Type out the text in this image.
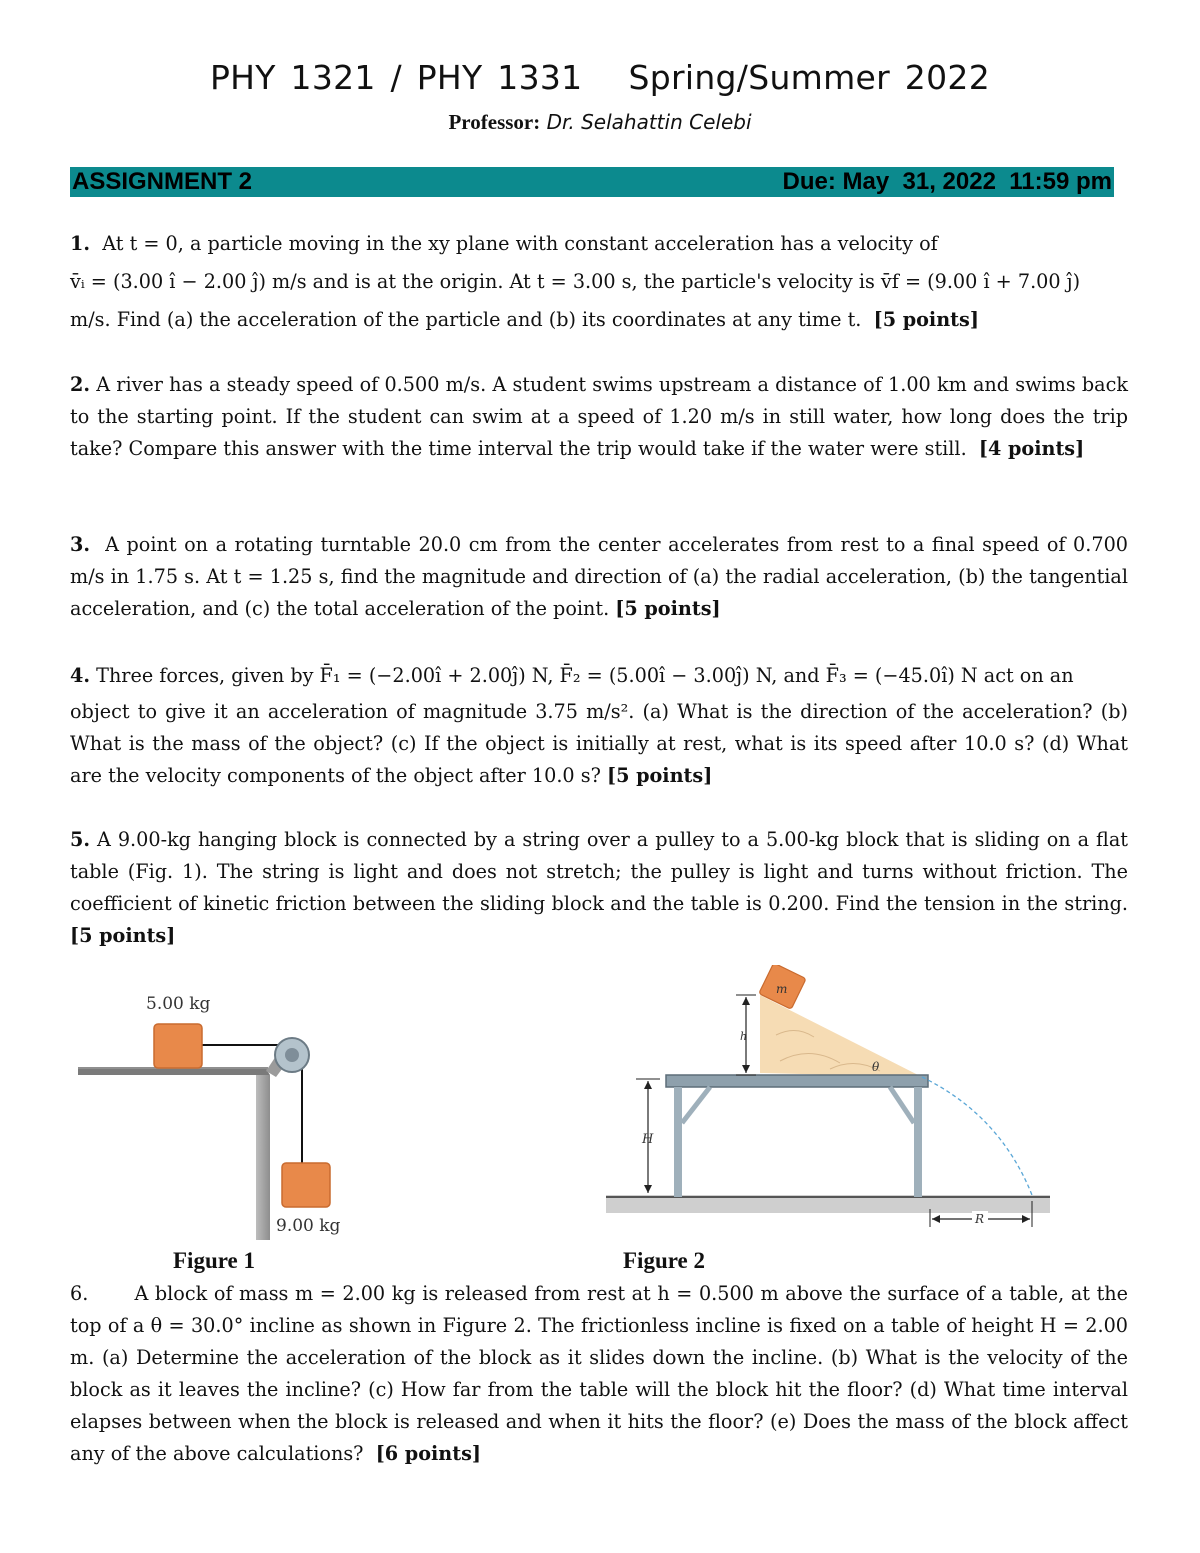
PHY 1321 / PHY 1331 Spring/Summer 2022
Professor: Dr. Selahattin Celebi
ASSIGNMENT 2	Due: May  31, 2022  11:59 pm
1. At t = 0, a particle moving in the xy plane with constant acceleration has a velocity of
v̄ᵢ = (3.00 î − 2.00 ĵ) m/s and is at the origin. At t = 3.00 s, the particle's velocity is v̄f = (9.00 î + 7.00 ĵ)
m/s. Find (a) the acceleration of the particle and (b) its coordinates at any time t. [5 points]
2. A river has a steady speed of 0.500 m/s. A student swims upstream a distance of 1.00 km and swims back to the starting point. If the student can swim at a speed of 1.20 m/s in still water, how long does the trip take? Compare this answer with the time interval the trip would take if the water were still. [4 points]
3. A point on a rotating turntable 20.0 cm from the center accelerates from rest to a final speed of 0.700 m/s in 1.75 s. At t = 1.25 s, find the magnitude and direction of (a) the radial acceleration, (b) the tangential acceleration, and (c) the total acceleration of the point. [5 points]
4. Three forces, given by F̄₁ = (−2.00î + 2.00ĵ) N, F̄₂ = (5.00î − 3.00ĵ) N, and F̄₃ = (−45.0î) N act on an
object to give it an acceleration of magnitude 3.75 m/s². (a) What is the direction of the acceleration? (b) What is the mass of the object? (c) If the object is initially at rest, what is its speed after 10.0 s? (d) What are the velocity components of the object after 10.0 s? [5 points]
5. A 9.00-kg hanging block is connected by a string over a pulley to a 5.00-kg block that is sliding on a flat table (Fig. 1). The string is light and does not stretch; the pulley is light and turns without friction. The coefficient of kinetic friction between the sliding block and the table is 0.200. Find the tension in the string. [5 points]
5.00 kg
9.00 kg
Figure 1
m
h
H
θ
R
Figure 2
6. A block of mass m = 2.00 kg is released from rest at h = 0.500 m above the surface of a table, at the top of a θ = 30.0° incline as shown in Figure 2. The frictionless incline is fixed on a table of height H = 2.00 m. (a) Determine the acceleration of the block as it slides down the incline. (b) What is the velocity of the block as it leaves the incline? (c) How far from the table will the block hit the floor? (d) What time interval elapses between when the block is released and when it hits the floor? (e) Does the mass of the block affect any of the above calculations? [6 points]
